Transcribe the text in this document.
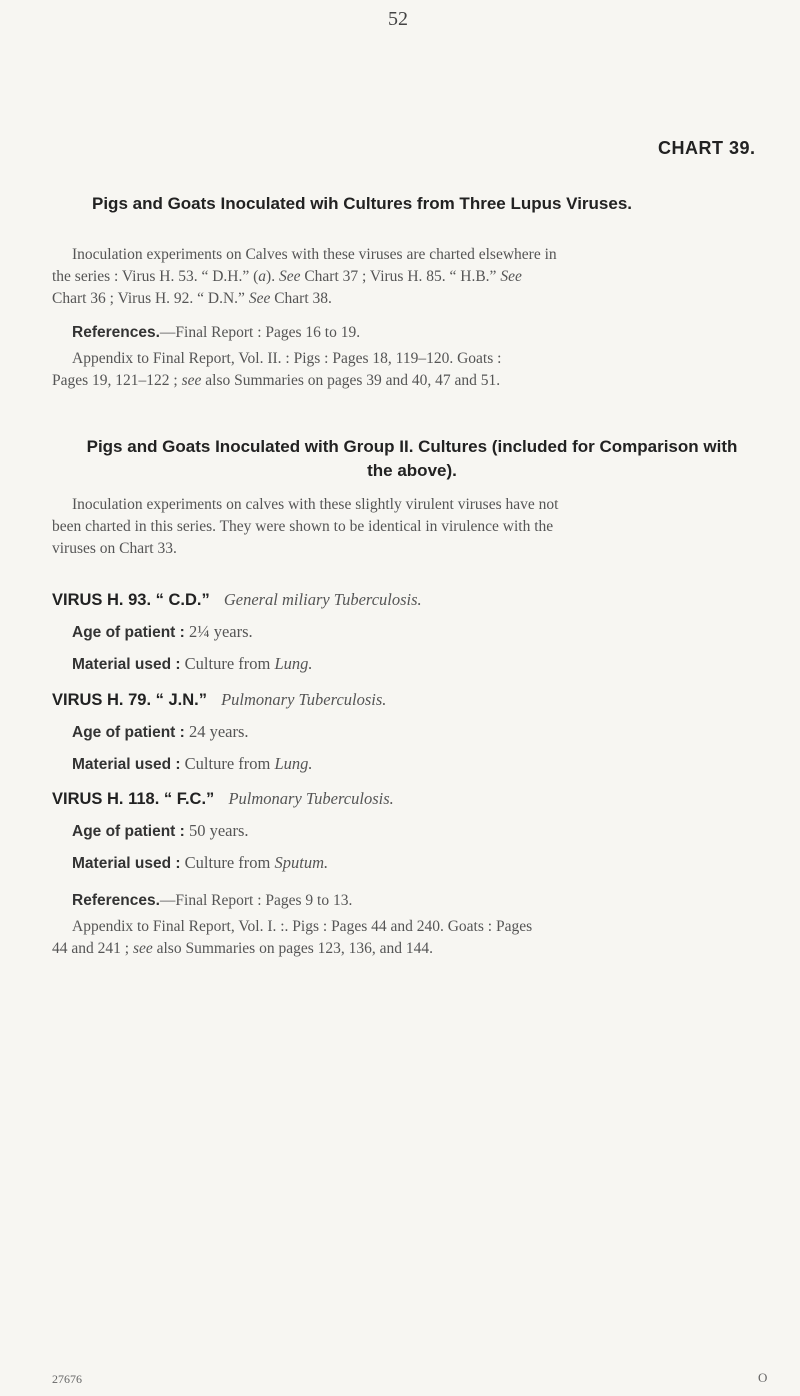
52
CHART 39.
Pigs and Goats Inoculated wih Cultures from Three Lupus Viruses.
Inoculation experiments on Calves with these viruses are charted elsewhere in
the series : Virus H. 53. “ D.H.” (a). See Chart 37 ; Virus H. 85. “ H.B.” See
Chart 36 ; Virus H. 92. “ D.N.” See Chart 38.
References.—Final Report : Pages 16 to 19.
Appendix to Final Report, Vol. II. : Pigs : Pages 18, 119–120. Goats :
Pages 19, 121–122 ; see also Summaries on pages 39 and 40, 47 and 51.
Pigs and Goats Inoculated with Group II. Cultures (included for Comparison with
the above).
Inoculation experiments on calves with these slightly virulent viruses have not
been charted in this series. They were shown to be identical in virulence with the
viruses on Chart 33.
VIRUS H. 93. “ C.D.” General miliary Tuberculosis.
Age of patient : 2¼ years.
Material used : Culture from Lung.
VIRUS H. 79. “ J.N.” Pulmonary Tuberculosis.
Age of patient : 24 years.
Material used : Culture from Lung.
VIRUS H. 118. “ F.C.” Pulmonary Tuberculosis.
Age of patient : 50 years.
Material used : Culture from Sputum.
References.—Final Report : Pages 9 to 13.
Appendix to Final Report, Vol. I. :. Pigs : Pages 44 and 240. Goats : Pages
44 and 241 ; see also Summaries on pages 123, 136, and 144.
27676	O
